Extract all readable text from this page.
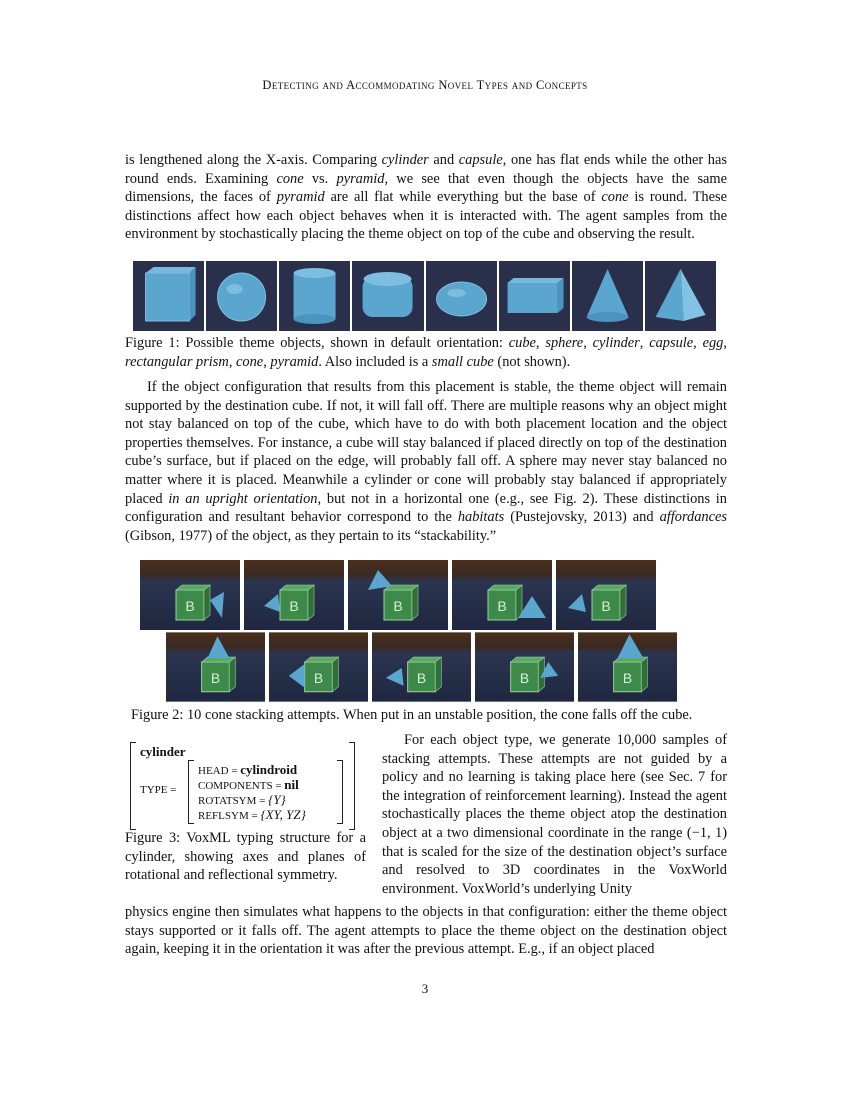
Detecting and Accommodating Novel Types and Concepts

is lengthened along the X-axis. Comparing cylinder and capsule, one has flat ends while the other has round ends. Examining cone vs. pyramid, we see that even though the objects have the same dimensions, the faces of pyramid are all flat while everything but the base of cone is round. These distinctions affect how each object behaves when it is interacted with. The agent samples from the environment by stochastically placing the theme object on top of the cube and observing the result.

Figure 1: Possible theme objects, shown in default orientation: cube, sphere, cylinder, capsule, egg, rectangular prism, cone, pyramid. Also included is a small cube (not shown).

If the object configuration that results from this placement is stable, the theme object will remain supported by the destination cube. If not, it will fall off. There are multiple reasons why an object might not stay balanced on top of the cube, which have to do with both placement location and the object properties themselves. For instance, a cube will stay balanced if placed directly on top of the destination cube’s surface, but if placed on the edge, will probably fall off. A sphere may never stay balanced no matter where it is placed. Meanwhile a cylinder or cone will probably stay balanced if appropriately placed in an upright orientation, but not in a horizontal one (e.g., see Fig. 2). These distinctions in configuration and resultant behavior correspond to the habitats (Pustejovsky, 2013) and affordances (Gibson, 1977) of the object, as they pertain to its “stackability.”

B	B	B	B	B
B	B	B	B	B

Figure 2: 10 cone stacking attempts. When put in an unstable position, the cone falls off the cube.

cylinder
TYPE =
HEAD = cylindroid
COMPONENTS = nil
ROTATSYM = {Y}
REFLSYM = {XY, YZ}

Figure 3: VoxML typing structure for a cylinder, showing axes and planes of rotational and reflectional symmetry.

For each object type, we generate 10,000 samples of stacking attempts. These attempts are not guided by a policy and no learning is taking place here (see Sec. 7 for the integration of reinforcement learning). Instead the agent stochastically places the theme object atop the destination object at a two dimensional coordinate in the range (−1, 1) that is scaled for the size of the destination object’s surface and resolved to 3D coordinates in the VoxWorld environment. VoxWorld’s underlying Unity

physics engine then simulates what happens to the objects in that configuration: either the theme object stays supported or it falls off. The agent attempts to place the theme object on the destination object again, keeping it in the orientation it was after the previous attempt. E.g., if an object placed

3
